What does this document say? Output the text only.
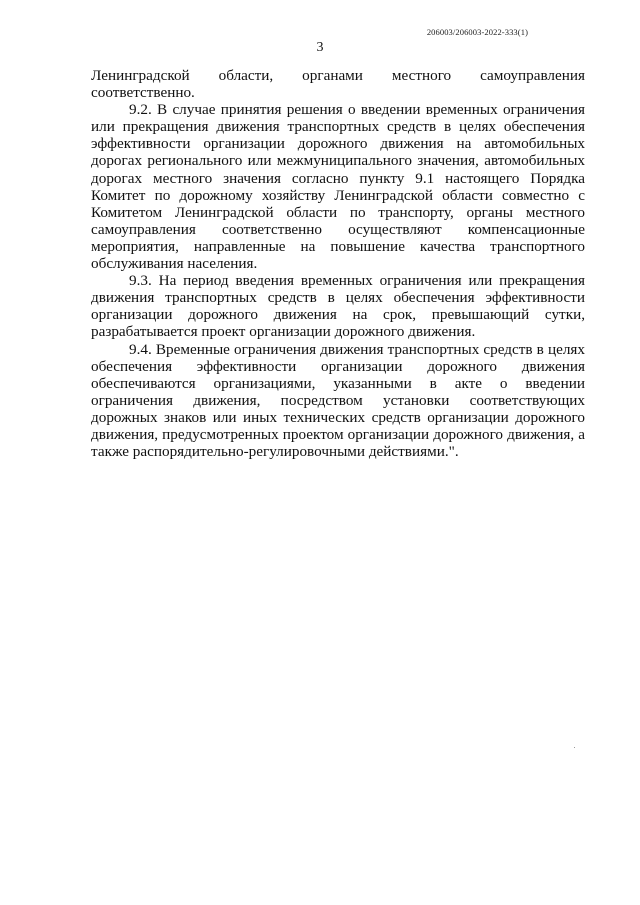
206003/206003-2022-333(1)
3

Ленинградской области, органами местного самоуправления соответственно.

9.2. В случае принятия решения о введении временных ограничения или прекращения движения транспортных средств в целях обеспечения эффективности организации дорожного движения на автомобильных дорогах регионального или межмуниципального значения, автомобильных дорогах местного значения согласно пункту 9.1 настоящего Порядка Комитет по дорожному хозяйству Ленинградской области совместно с Комитетом Ленинградской области по транспорту, органы местного самоуправления соответственно осуществляют компенсационные мероприятия, направленные на повышение качества транспортного обслуживания населения.

9.3. На период введения временных ограничения или прекращения движения транспортных средств в целях обеспечения эффективности организации дорожного движения на срок, превышающий сутки, разрабатывается проект организации дорожного движения.

9.4. Временные ограничения движения транспортных средств в целях обеспечения эффективности организации дорожного движения обеспечиваются организациями, указанными в акте о введении ограничения движения, посредством установки соответствующих дорожных знаков или иных технических средств организации дорожного движения, предусмотренных проектом организации дорожного движения, а также распорядительно-регулировочными действиями.".
